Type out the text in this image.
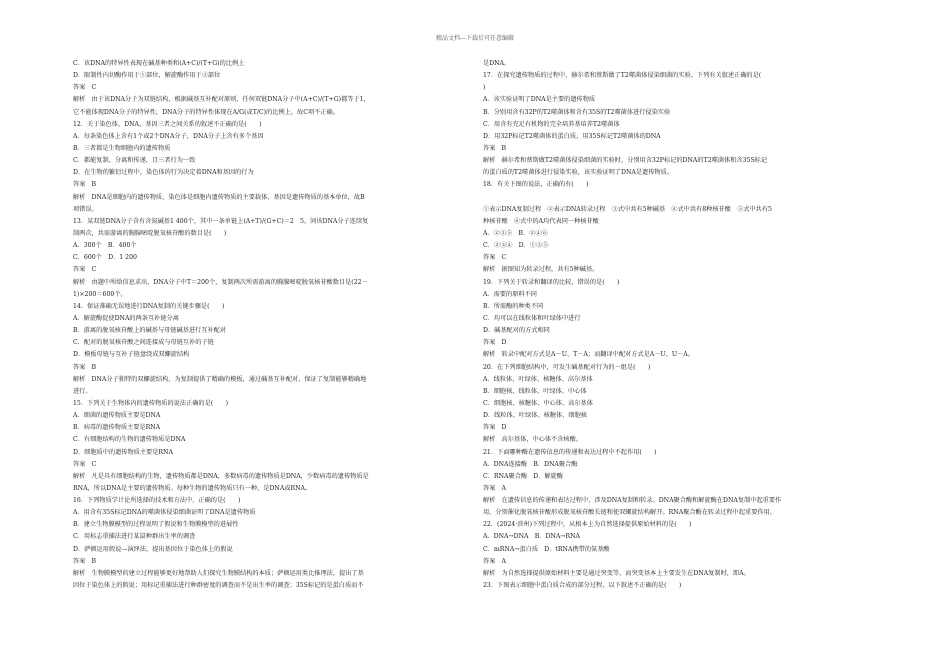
精品文档---下载后可任意编辑
C．该DNA的特异性表现在碱基种类和(A+C)/(T+G)的比例上
D．限制性内切酶作用于①部位，解旋酶作用于③部位
答案　C
解析　由于该DNA分子为双链结构，根据碱基互补配对原则，任何双链DNA分子中(A+C)/(T+G)都等于1，
它不能体现DNA分子的特异性，DNA分子的特异性体现在A/G(或T/C)的比例上，故C项不正确。
12．关于染色体、DNA、基因三者之间关系的叙述不正确的是(　　)
A．每条染色体上含有1个或2个DNA分子，DNA分子上含有多个基因
B．三者都是生物细胞内的遗传物质
C．都能复制、分离和传递，且三者行为一致
D．在生物的繁衍过程中，染色体的行为决定着DNA和基因的行为
答案　B
解析　DNA是细胞内的遗传物质，染色体是细胞内遗传物质的主要载体，基因是遗传物质的基本单位，故B
项错误。
13．某双链DNA分子含有含氮碱基1 400个，其中一条单链上(A+T)/(G+C)＝2　5，问该DNA分子连续复
制两次，共需游离的胸腺嘧啶脱氧核苷酸的数目是(　　)
A．300个　B．400个
C．600个　D．1 200
答案　C
解析　由题中所给信息求出，DNA分子中T＝200个，复制两次所需游离的胸腺嘧啶脱氧核苷酸数目是(22－
1)×200＝600个。
14．保证准确无误地进行DNA复制的关键步骤是(　　)
A．解旋酶促使DNA的两条互补链分离
B．游离的脱氧核苷酸上的碱基与母链碱基进行互补配对
C．配对的脱氧核苷酸之间连接成与母链互补的子链
D．模板母链与互补子链盘绕成双螺旋结构
答案　B
解析　DNA分子独特的双螺旋结构，为复制提供了精确的模板，通过碱基互补配对，保证了复制能够精确地
进行。
15．下列关于生物体内的遗传物质的说法正确的是(　　)
A．细菌的遗传物质主要是DNA
B．病毒的遗传物质主要是RNA
C．有细胞结构的生物的遗传物质是DNA
D．细胞质中的遗传物质主要是RNA
答案　C
解析　凡是具有细胞结构的生物，遗传物质都是DNA，多数病毒的遗传物质是DNA，少数病毒的遗传物质是
RNA，所以DNA是主要的遗传物质。每种生物的遗传物质只有一种，是DNA或RNA。
16．下列物质学计论所选择的技术和方法中，正确的是(　　)
A．用含有35S标记DNA的噬菌体侵染细菌证明了DNA是遗传物质
B．建立生物膜模型的过程说明了假说和生物膜模型的进展性
C．用标志重捕法进行某鼠种群出生率的调查
D．萨顿运用假说—演绎法，提出基因位于染色体上的假说
答案　B
解析　生物膜模型的建立过程能够更好地帮助人们探究生物膜结构的本质；萨顿运用类比推理法，提出了基
因位于染色体上的假说；用标记重捕法进行种群密度的调查而不是出生率的调查；35S标记的是蛋白质而不
是DNA。
17．在探究遗传物质的过程中，赫尔希和蔡斯做了T2噬菌体侵染细菌的实验。下列有关叙述正确的是(　　
)
A．该实验证明了DNA是主要的遗传物质
B．分别用含有32P的T2噬菌体和含有35S的T2噬菌体进行侵染实验
C．用含有充足有机物的完全培养基培养T2噬菌体
D．用32P标记T2噬菌体的蛋白质，用35S标记T2噬菌体的DNA
答案　B
解析　赫尔希和蔡斯做T2噬菌体侵染细菌的实验时，分别用含32P标记的DNA的T2噬菌体和含35S标记
的蛋白质的T2噬菌体进行侵染实验，该实验证明了DNA是遗传物质。
18．有关下图的说法，正确的有(　　)
①表示DNA复制过程　②表示DNA转录过程　③式中共有5种碱基　④式中共有8种核苷酸　⑤式中共有5
种核苷酸　⑥式中的A均代表同一种核苷酸
A．②③⑤　B．②④⑥
C．②③④　D．①③⑤
答案　C
解析　据图知为转录过程，共有5种碱基。
19．下列关于转录和翻译的比较，错误的是(　　)
A．需要的原料不同
B．所需酶的种类不同
C．均可以在线粒体和叶绿体中进行
D．碱基配对的方式相同
答案　D
解析　转录中配对方式是A－U、T－A；而翻译中配对方式是A－U、U－A。
20．在下列细胞结构中，可发生碱基配对行为的一组是(　　)
A．线粒体、叶绿体、核糖体、高尔基体
B．细胞核、线粒体、叶绿体、中心体
C．细胞核、核糖体、中心体、高尔基体
D．线粒体、叶绿体、核糖体、细胞核
答案　D
解析　高尔基体、中心体不含核酸。
21．下面哪种酶在遗传信息的传递和表达过程中不起作用(　　)
A．DNA连接酶　B．DNA聚合酶
C．RNA聚合酶　D．解旋酶
答案　A
解析　在遗传信息的传递和表达过程中，涉及DNA复制和转录。DNA聚合酶和解旋酶在DNA复制中起重要作
用，分别催化脱氧核苷酸形成脱氧核苷酸长链和使双螺旋结构解开。RNA聚合酶在转录过程中起重要作用。
22．(2024·滨州)下列过程中，从根本上为自然选择提供原始材料的是(　　)
A．DNA→DNA　B．DNA→RNA
C．mRNA→蛋白质　D．tRNA携带的氨基酸
答案　A
解析　为自然选择提供原始材料主要是通过突变等，而突变基本上主要发生在DNA复制时，即A。
23．下图表示细胞中蛋白质合成的部分过程，以下叙述不正确的是(　　)
